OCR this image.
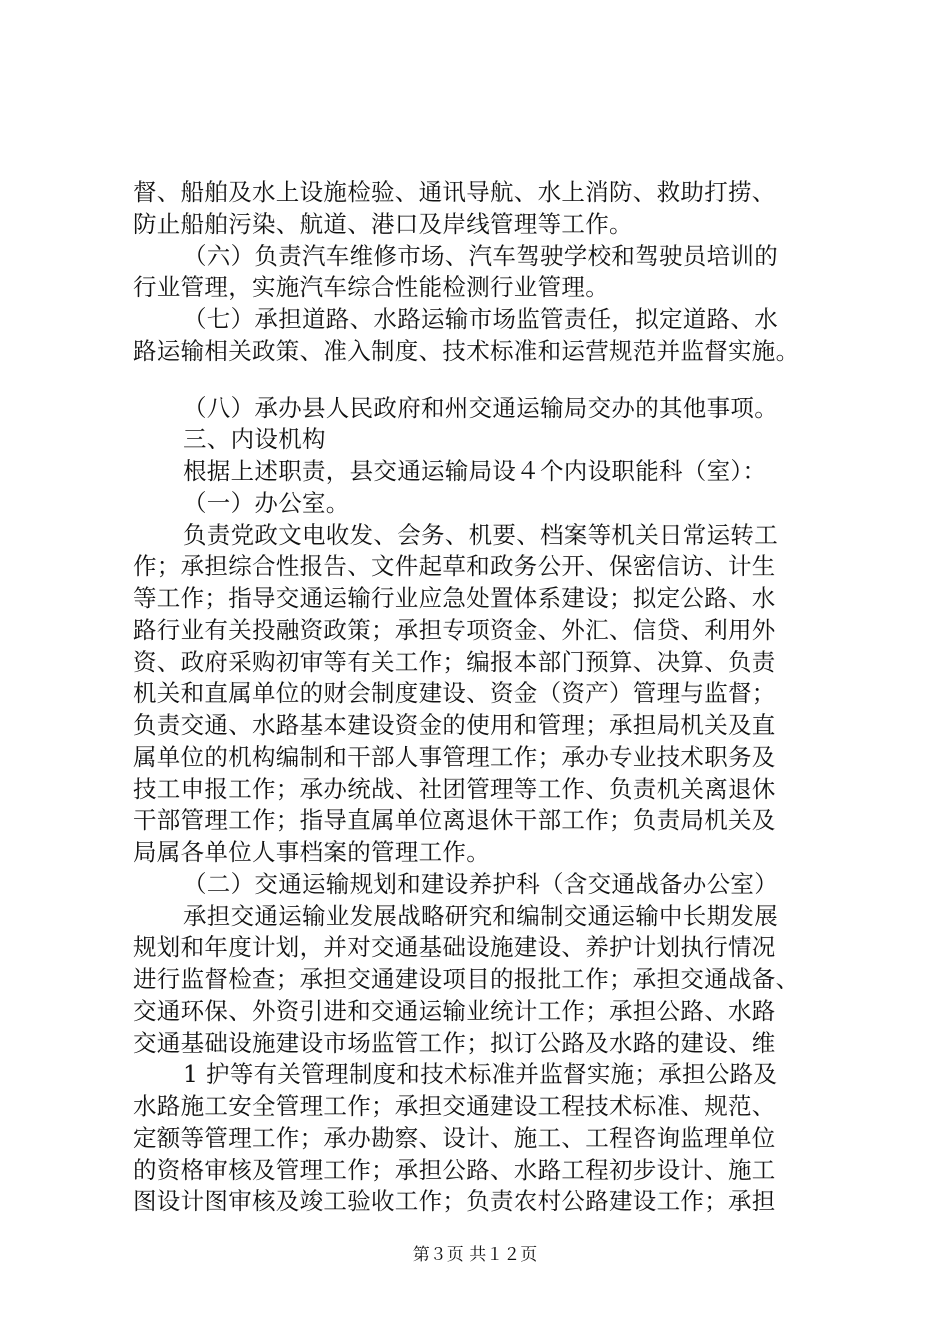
督、船舶及水上设施检验、通讯导航、水上消防、救助打捞、
防止船舶污染、航道、港口及岸线管理等工作。
（六）负责汽车维修市场、汽车驾驶学校和驾驶员培训的
行业管理，实施汽车综合性能检测行业管理。
（七）承担道路、水路运输市场监管责任，拟定道路、水
路运输相关政策、准入制度、技术标准和运营规范并监督实施。
（八）承办县人民政府和州交通运输局交办的其他事项。
三、内设机构
根据上述职责，县交通运输局设４个内设职能科（室）：
（一）办公室。
负责党政文电收发、会务、机要、档案等机关日常运转工
作；承担综合性报告、文件起草和政务公开、保密信访、计生
等工作；指导交通运输行业应急处置体系建设；拟定公路、水
路行业有关投融资政策；承担专项资金、外汇、信贷、利用外
资、政府采购初审等有关工作；编报本部门预算、决算、负责
机关和直属单位的财会制度建设、资金（资产）管理与监督；
负责交通、水路基本建设资金的使用和管理；承担局机关及直
属单位的机构编制和干部人事管理工作；承办专业技术职务及
技工申报工作；承办统战、社团管理等工作、负责机关离退休
干部管理工作；指导直属单位离退休干部工作；负责局机关及
局属各单位人事档案的管理工作。
（二）交通运输规划和建设养护科（含交通战备办公室）
承担交通运输业发展战略研究和编制交通运输中长期发展
规划和年度计划，并对交通基础设施建设、养护计划执行情况
进行监督检查；承担交通建设项目的报批工作；承担交通战备、
交通环保、外资引进和交通运输业统计工作；承担公路、水路
交通基础设施建设市场监管工作；拟订公路及水路的建设、维
1 护等有关管理制度和技术标准并监督实施；承担公路及
水路施工安全管理工作；承担交通建设工程技术标准、规范、
定额等管理工作；承办勘察、设计、施工、工程咨询监理单位
的资格审核及管理工作；承担公路、水路工程初步设计、施工
图设计图审核及竣工验收工作；负责农村公路建设工作；承担
第３页 共１２页
